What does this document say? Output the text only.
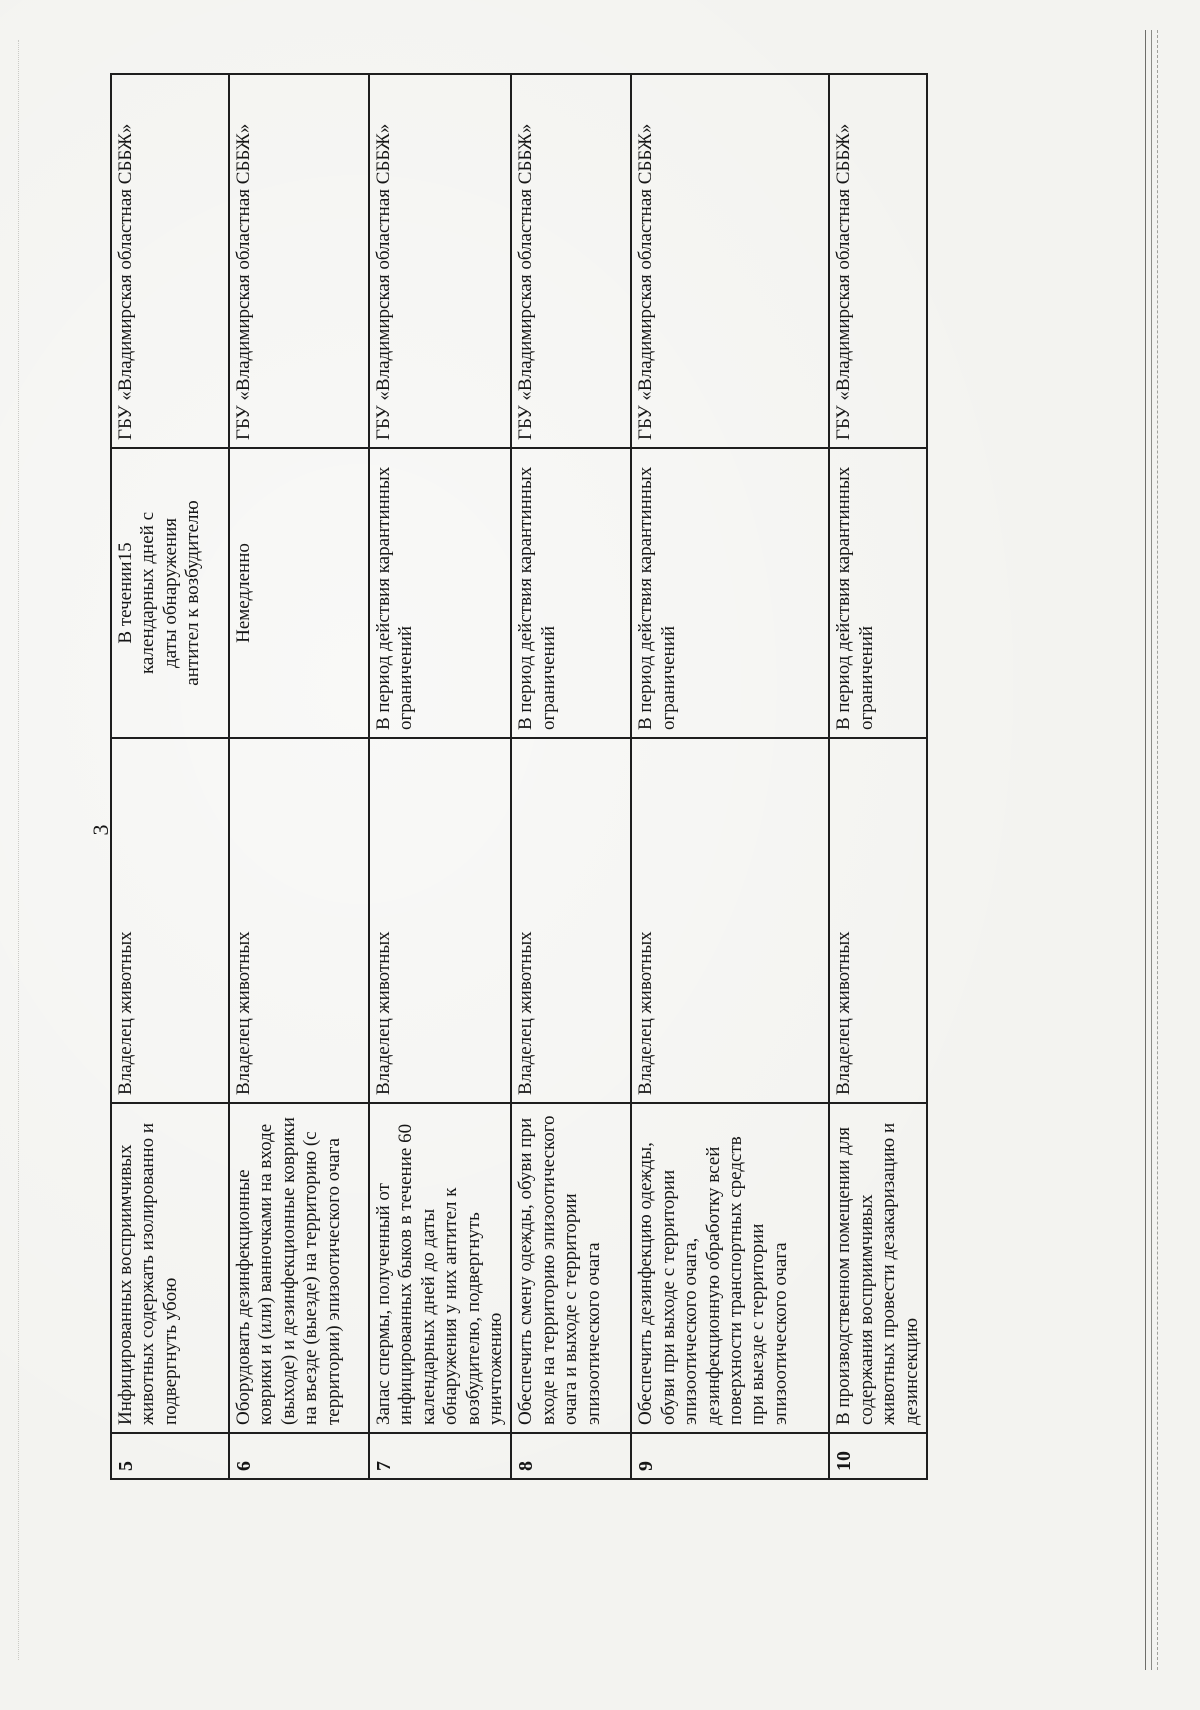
3
5	Инфицированных восприимчивых животных содержать изолированно и подвергнуть убою	Владелец животных	В течении15 календарных дней с даты обнаружения антител к возбудителю	ГБУ «Владимирская областная СББЖ»
6	Оборудовать дезинфекционные коврики и (или) ванночками на входе (выходе) и дезинфекционные коврики на въезде (выезде) на территорию (с территории) эпизоотического очага	Владелец животных	Немедленно	ГБУ «Владимирская областная СББЖ»
7	Запас спермы, полученный от инфицированных быков в течение 60 календарных дней до даты обнаружения у них антител к возбудителю, подвергнуть уничтожению	Владелец животных	В период действия карантинных ограничений	ГБУ «Владимирская областная СББЖ»
8	Обеспечить смену одежды, обуви при входе на территорию эпизоотического очага и выходе с территории эпизоотического очага	Владелец животных	В период действия карантинных ограничений	ГБУ «Владимирская областная СББЖ»
9	Обеспечить дезинфекцию одежды, обуви при выходе с территории эпизоотического очага, дезинфекционную обработку всей поверхности транспортных средств при выезде с территории эпизоотического очага	Владелец животных	В период действия карантинных ограничений	ГБУ «Владимирская областная СББЖ»
10	В производственном помещении для содержания восприимчивых животных провести дезакаризацию и дезинсекцию	Владелец животных	В период действия карантинных ограничений	ГБУ «Владимирская областная СББЖ»
